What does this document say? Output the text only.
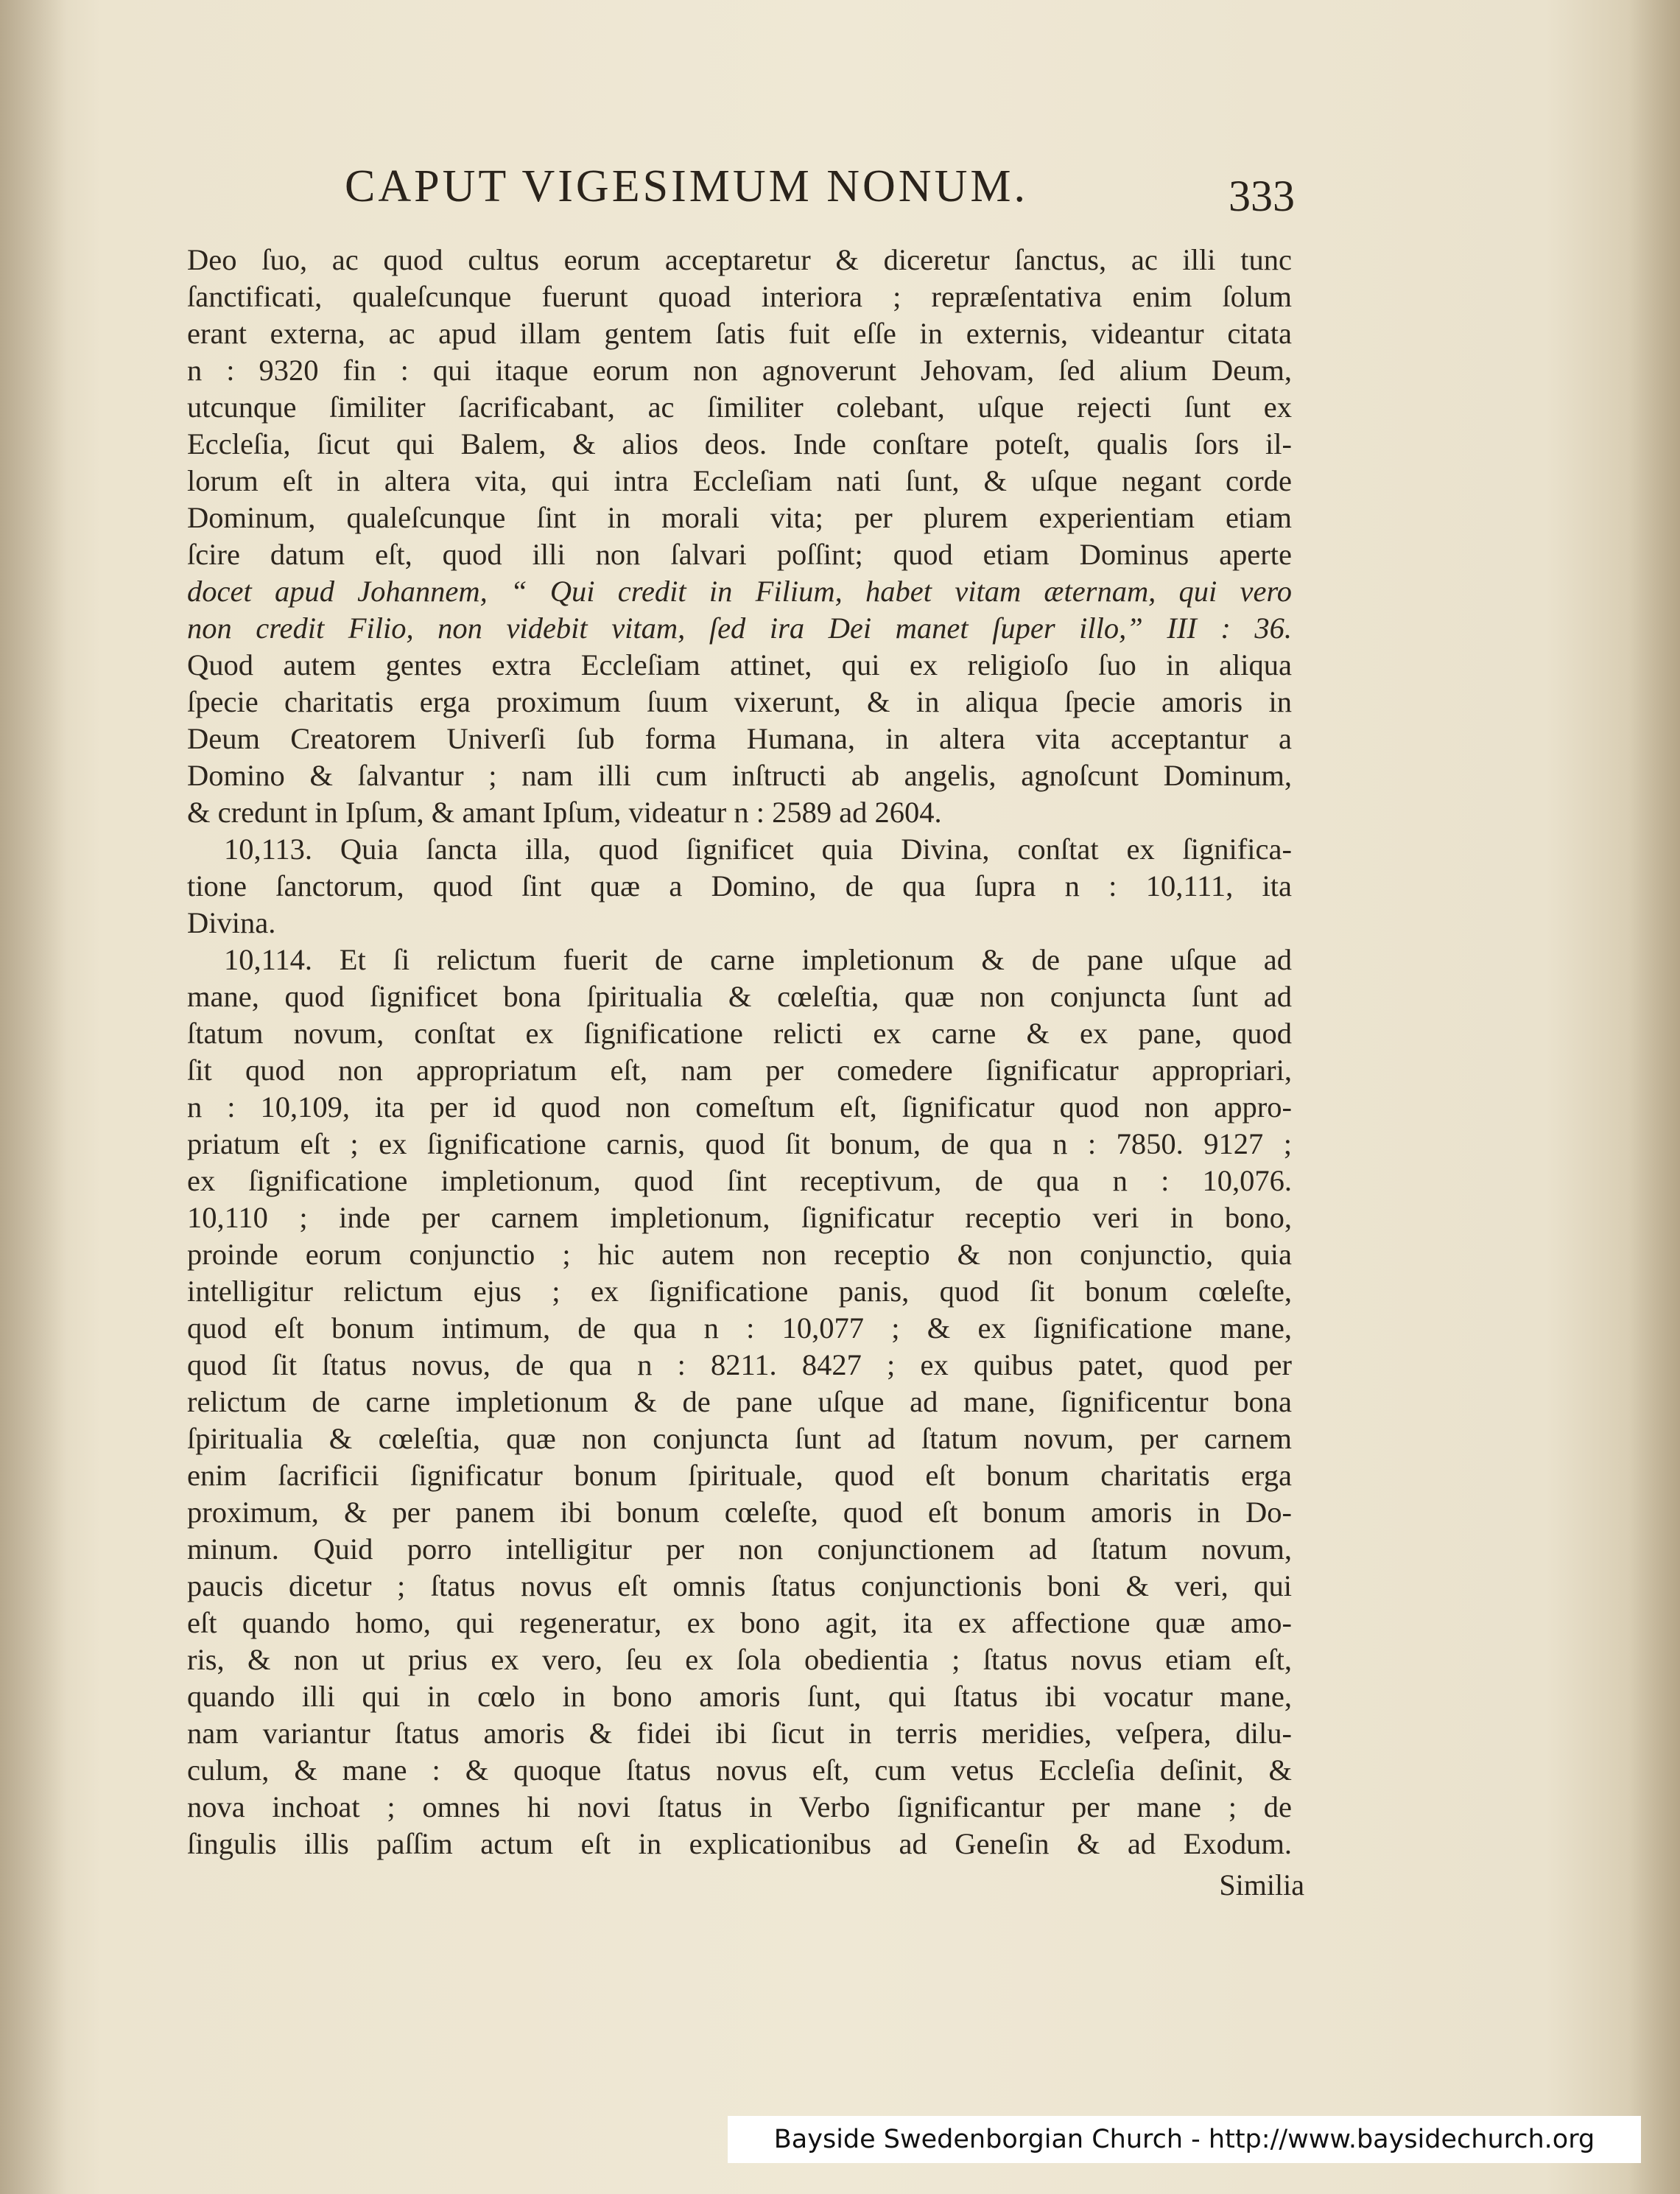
CAPUT VIGESIMUM NONUM.	333
Deo ſuo, ac quod cultus eorum acceptaretur & diceretur ſanctus, ac illi tunc
ſanctificati, qualeſcunque fuerunt quoad interiora ; repræſentativa enim ſolum
erant externa, ac apud illam gentem ſatis fuit eſſe in externis, videantur citata
n : 9320 fin : qui itaque eorum non agnoverunt Jehovam, ſed alium Deum,
utcunque ſimiliter ſacrificabant, ac ſimiliter colebant, uſque rejecti ſunt ex
Eccleſia, ſicut qui Balem, & alios deos. Inde conſtare poteſt, qualis ſors il-
lorum eſt in altera vita, qui intra Eccleſiam nati ſunt, & uſque negant corde
Dominum, qualeſcunque ſint in morali vita; per plurem experientiam etiam
ſcire datum eſt, quod illi non ſalvari poſſint; quod etiam Dominus aperte
docet apud Johannem, “ Qui credit in Filium, habet vitam æternam, qui vero
non credit Filio, non videbit vitam, ſed ira Dei manet ſuper illo,” III : 36.
Quod autem gentes extra Eccleſiam attinet, qui ex religioſo ſuo in aliqua
ſpecie charitatis erga proximum ſuum vixerunt, & in aliqua ſpecie amoris in
Deum Creatorem Univerſi ſub forma Humana, in altera vita acceptantur a
Domino & ſalvantur ; nam illi cum inſtructi ab angelis, agnoſcunt Dominum,
& credunt in Ipſum, & amant Ipſum, videatur n : 2589 ad 2604.
10,113. Quia ſancta illa, quod ſignificet quia Divina, conſtat ex ſignifica-
tione ſanctorum, quod ſint quæ a Domino, de qua ſupra n : 10,111, ita
Divina.
10,114. Et ſi relictum fuerit de carne impletionum & de pane uſque ad
mane, quod ſignificet bona ſpiritualia & cœleſtia, quæ non conjuncta ſunt ad
ſtatum novum, conſtat ex ſignificatione relicti ex carne & ex pane, quod
ſit quod non appropriatum eſt, nam per comedere ſignificatur appropriari,
n : 10,109, ita per id quod non comeſtum eſt, ſignificatur quod non appro-
priatum eſt ; ex ſignificatione carnis, quod ſit bonum, de qua n : 7850. 9127 ;
ex ſignificatione impletionum, quod ſint receptivum, de qua n : 10,076.
10,110 ; inde per carnem impletionum, ſignificatur receptio veri in bono,
proinde eorum conjunctio ; hic autem non receptio & non conjunctio, quia
intelligitur relictum ejus ; ex ſignificatione panis, quod ſit bonum cœleſte,
quod eſt bonum intimum, de qua n : 10,077 ; & ex ſignificatione mane,
quod ſit ſtatus novus, de qua n : 8211. 8427 ; ex quibus patet, quod per
relictum de carne impletionum & de pane uſque ad mane, ſignificentur bona
ſpiritualia & cœleſtia, quæ non conjuncta ſunt ad ſtatum novum, per carnem
enim ſacrificii ſignificatur bonum ſpirituale, quod eſt bonum charitatis erga
proximum, & per panem ibi bonum cœleſte, quod eſt bonum amoris in Do-
minum. Quid porro intelligitur per non conjunctionem ad ſtatum novum,
paucis dicetur ; ſtatus novus eſt omnis ſtatus conjunctionis boni & veri, qui
eſt quando homo, qui regeneratur, ex bono agit, ita ex affectione quæ amo-
ris, & non ut prius ex vero, ſeu ex ſola obedientia ; ſtatus novus etiam eſt,
quando illi qui in cœlo in bono amoris ſunt, qui ſtatus ibi vocatur mane,
nam variantur ſtatus amoris & fidei ibi ſicut in terris meridies, veſpera, dilu-
culum, & mane : & quoque ſtatus novus eſt, cum vetus Eccleſia deſinit, &
nova inchoat ; omnes hi novi ſtatus in Verbo ſignificantur per mane ; de
ſingulis illis paſſim actum eſt in explicationibus ad Geneſin & ad Exodum.
Similia
Bayside Swedenborgian Church - http://www.baysidechurch.org
